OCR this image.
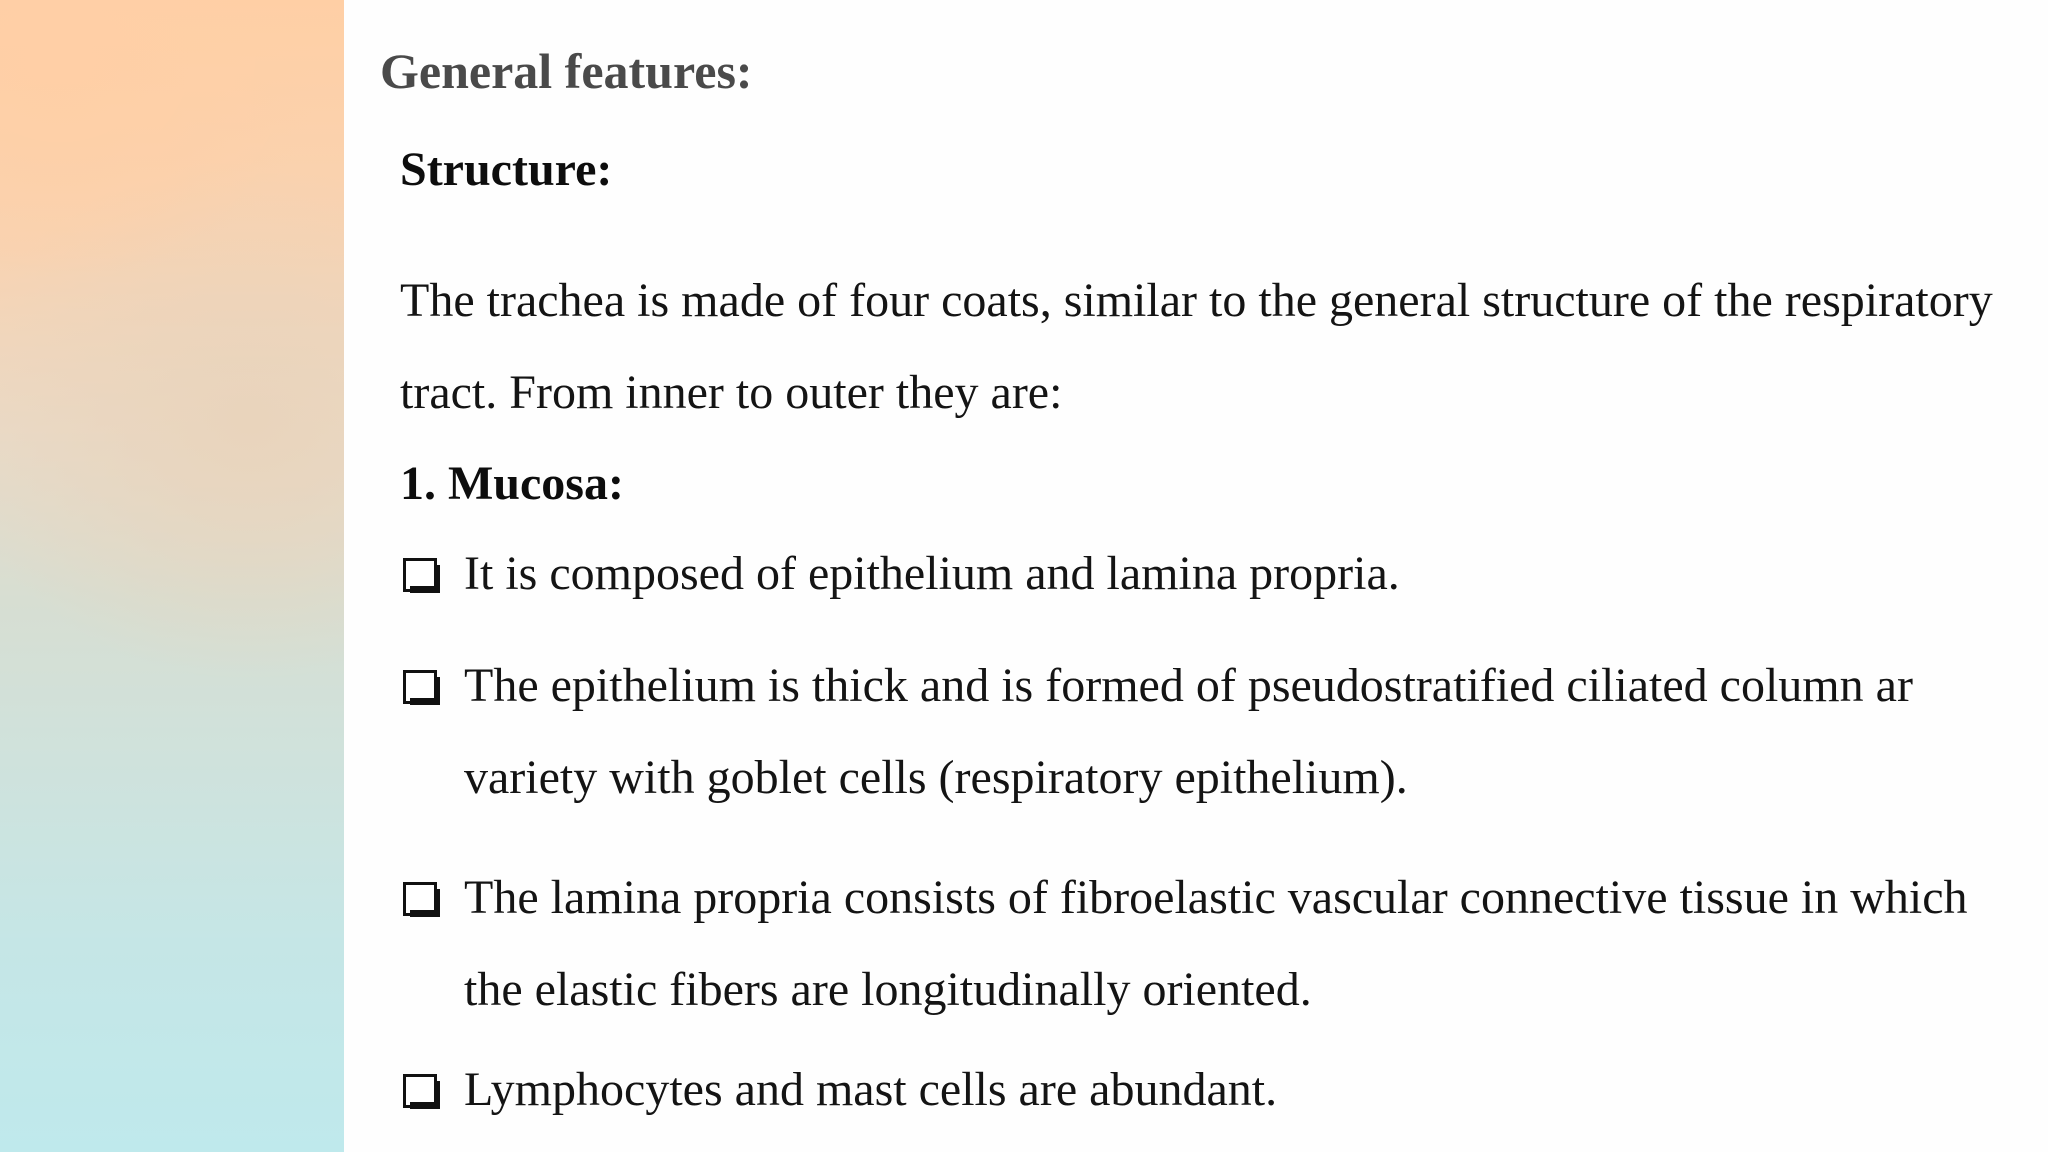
General features:
Structure:

The trachea is made of four coats, similar to the general structure of the respiratory tract. From inner to outer they are:

1. Mucosa:
It is composed of epithelium and lamina propria.
The epithelium is thick and is formed of pseudostratified ciliated column ar variety with goblet cells (respiratory epithelium).
The lamina propria consists of fibroelastic vascular connective tissue in which the elastic fibers are longitudinally oriented.
Lymphocytes and mast cells are abundant.
